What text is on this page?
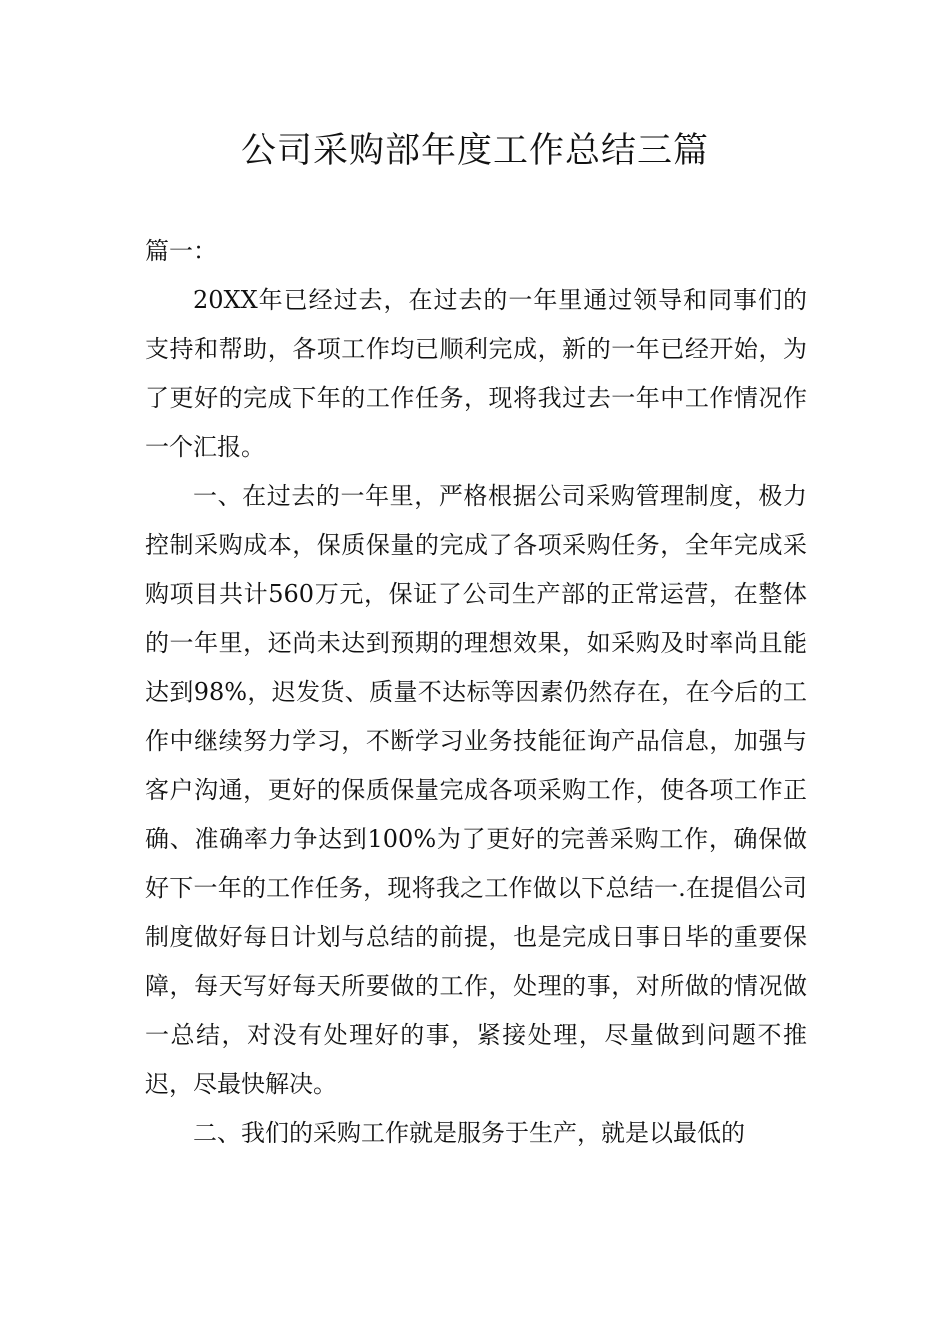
公司采购部年度工作总结三篇

篇一：

20XX年已经过去，在过去的一年里通过领导和同事们的支持和帮助，各项工作均已顺利完成，新的一年已经开始，为了更好的完成下年的工作任务，现将我过去一年中工作情况作一个汇报。

一、在过去的一年里，严格根据公司采购管理制度，极力控制采购成本，保质保量的完成了各项采购任务，全年完成采购项目共计560万元，保证了公司生产部的正常运营，在整体的一年里，还尚未达到预期的理想效果，如采购及时率尚且能达到98%，迟发货、质量不达标等因素仍然存在，在今后的工作中继续努力学习，不断学习业务技能征询产品信息，加强与客户沟通，更好的保质保量完成各项采购工作，使各项工作正确、准确率力争达到100%为了更好的完善采购工作，确保做好下一年的工作任务，现将我之工作做以下总结一.在提倡公司制度做好每日计划与总结的前提，也是完成日事日毕的重要保障，每天写好每天所要做的工作，处理的事，对所做的情况做一总结，对没有处理好的事，紧接处理，尽量做到问题不推迟，尽最快解决。

二、我们的采购工作就是服务于生产，就是以最低的
